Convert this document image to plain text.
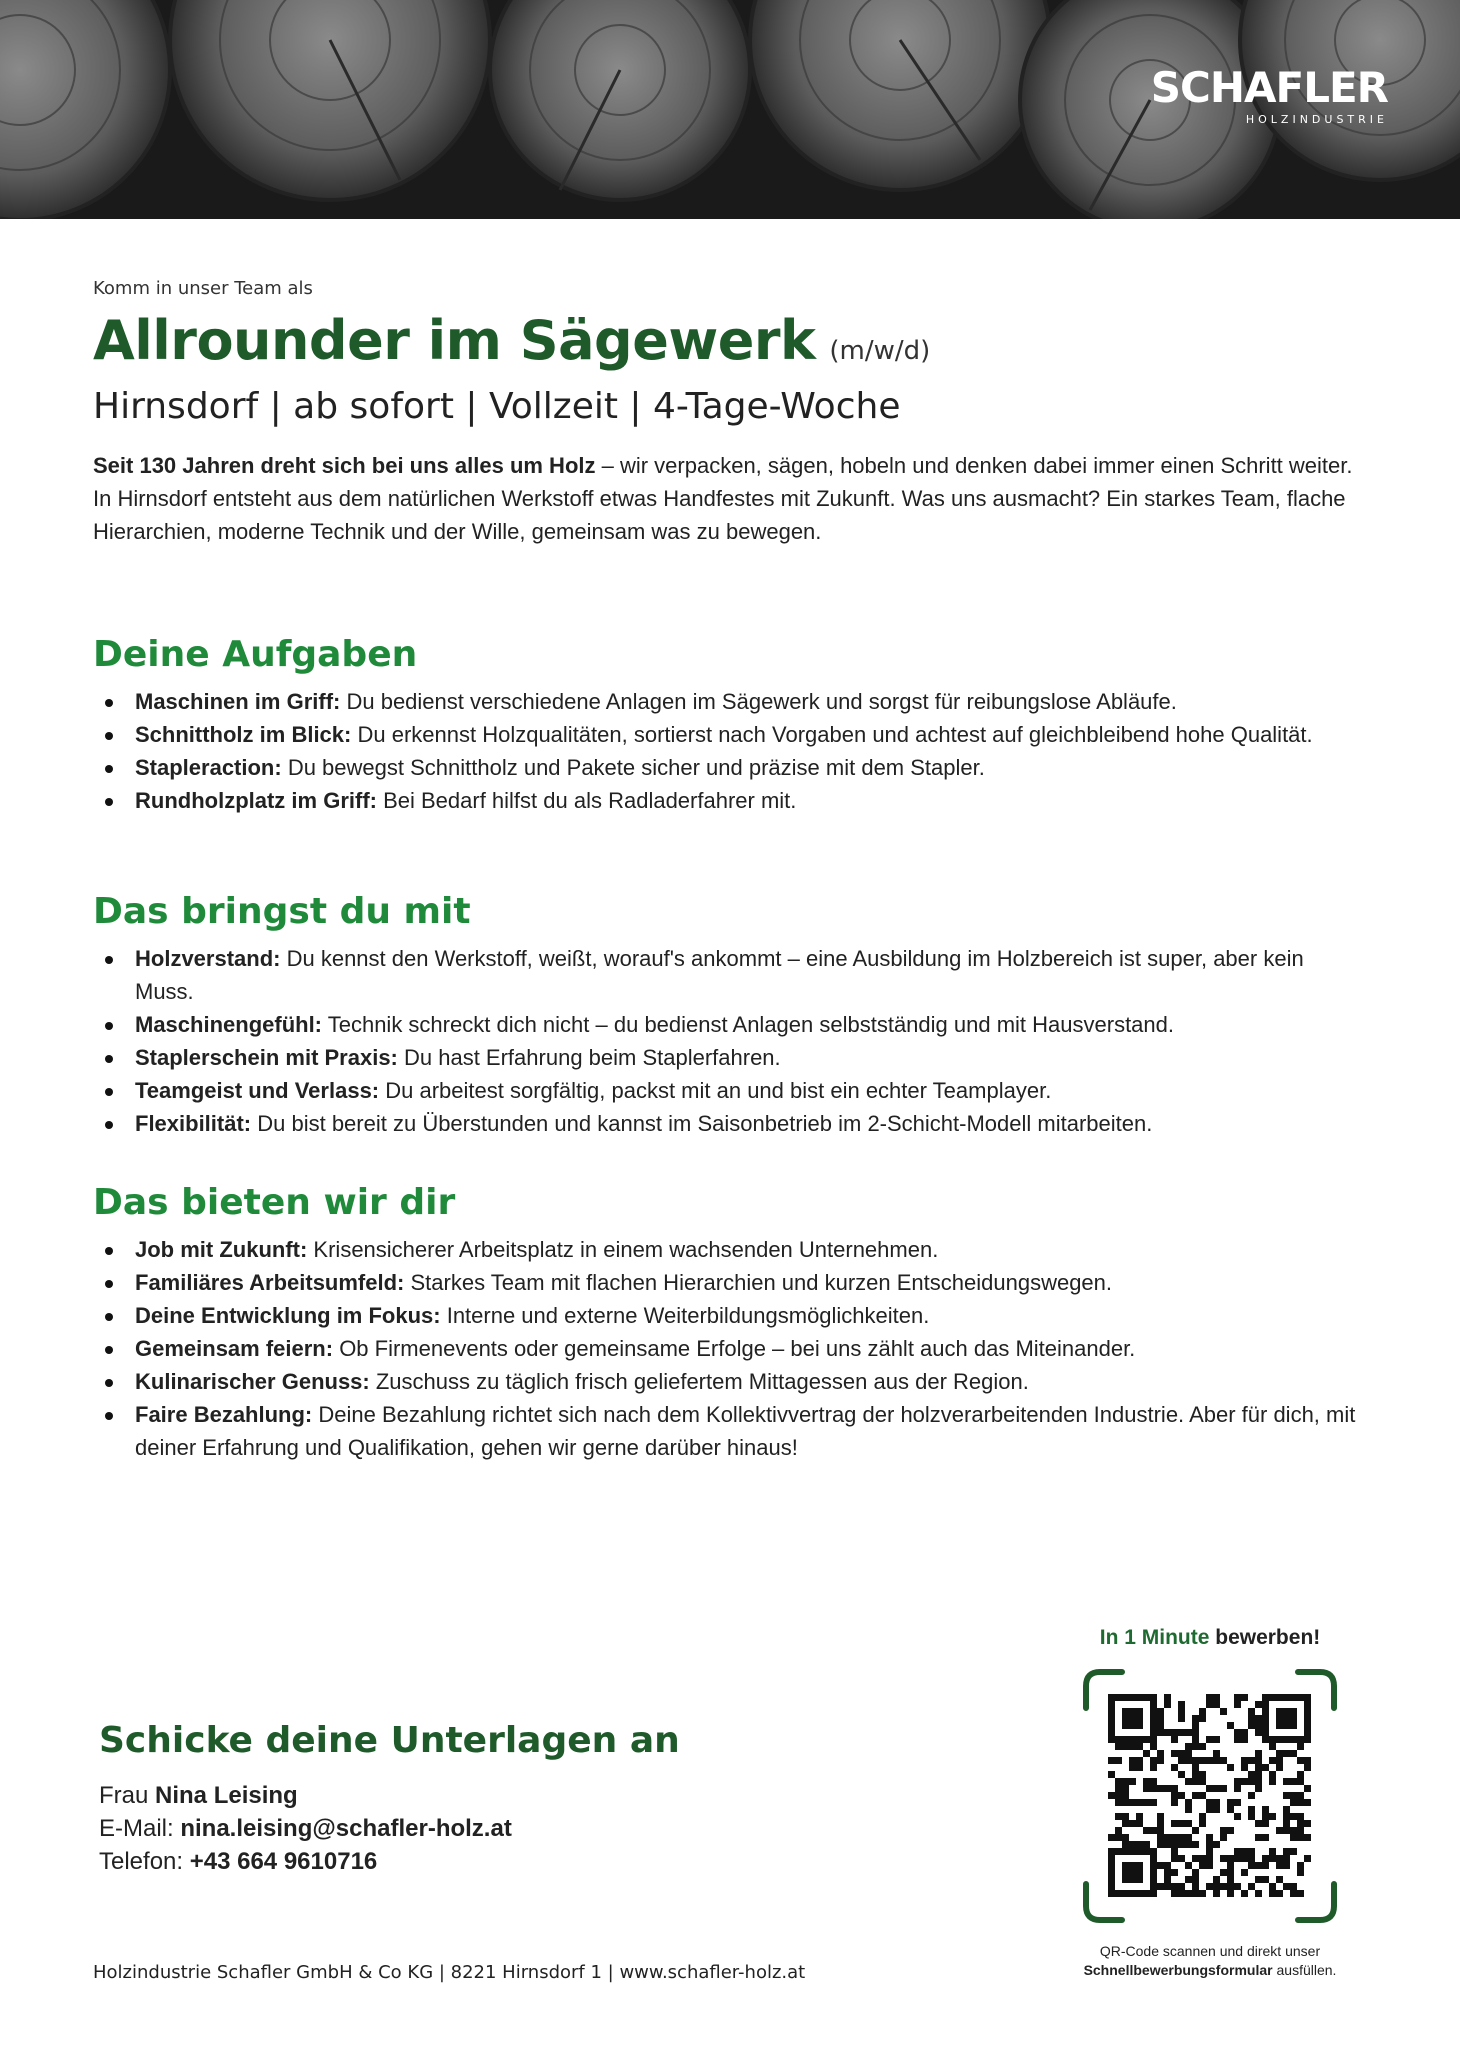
SCHAFLER
HOLZINDUSTRIE
Komm in unser Team als
Allrounder im Sägewerk (m/w/d)
Hirnsdorf | ab sofort | Vollzeit | 4-Tage-Woche

Seit 130 Jahren dreht sich bei uns alles um Holz – wir verpacken, sägen, hobeln und denken dabei immer einen Schritt weiter. In Hirnsdorf entsteht aus dem natürlichen Werkstoff etwas Handfestes mit Zukunft. Was uns ausmacht? Ein starkes Team, flache Hierarchien, moderne Technik und der Wille, gemeinsam was zu bewegen.

Deine Aufgaben
Maschinen im Griff: Du bedienst verschiedene Anlagen im Sägewerk und sorgst für reibungslose Abläufe.
Schnittholz im Blick: Du erkennst Holzqualitäten, sortierst nach Vorgaben und achtest auf gleichbleibend hohe Qualität.
Stapleraction: Du bewegst Schnittholz und Pakete sicher und präzise mit dem Stapler.
Rundholzplatz im Griff: Bei Bedarf hilfst du als Radladerfahrer mit.
Das bringst du mit
Holzverstand: Du kennst den Werkstoff, weißt, worauf's ankommt – eine Ausbildung im Holzbereich ist super, aber kein Muss.
Maschinengefühl: Technik schreckt dich nicht – du bedienst Anlagen selbstständig und mit Hausverstand.
Staplerschein mit Praxis: Du hast Erfahrung beim Staplerfahren.
Teamgeist und Verlass: Du arbeitest sorgfältig, packst mit an und bist ein echter Teamplayer.
Flexibilität: Du bist bereit zu Überstunden und kannst im Saisonbetrieb im 2-Schicht-Modell mitarbeiten.
Das bieten wir dir
Job mit Zukunft: Krisensicherer Arbeitsplatz in einem wachsenden Unternehmen.
Familiäres Arbeitsumfeld: Starkes Team mit flachen Hierarchien und kurzen Entscheidungswegen.
Deine Entwicklung im Fokus: Interne und externe Weiterbildungsmöglichkeiten.
Gemeinsam feiern: Ob Firmenevents oder gemeinsame Erfolge – bei uns zählt auch das Miteinander.
Kulinarischer Genuss: Zuschuss zu täglich frisch geliefertem Mittagessen aus der Region.
Faire Bezahlung: Deine Bezahlung richtet sich nach dem Kollektivvertrag der holzverarbeitenden Industrie. Aber für dich, mit deiner Erfahrung und Qualifikation, gehen wir gerne darüber hinaus!
Schicke deine Unterlagen an
Frau Nina Leising
E-Mail: nina.leising@schafler-holz.at
Telefon: +43 664 9610716
In 1 Minute bewerben!
QR-Code scannen und direkt unser
Schnellbewerbungsformular ausfüllen.
Holzindustrie Schafler GmbH & Co KG | 8221 Hirnsdorf 1 | www.schafler-holz.at
